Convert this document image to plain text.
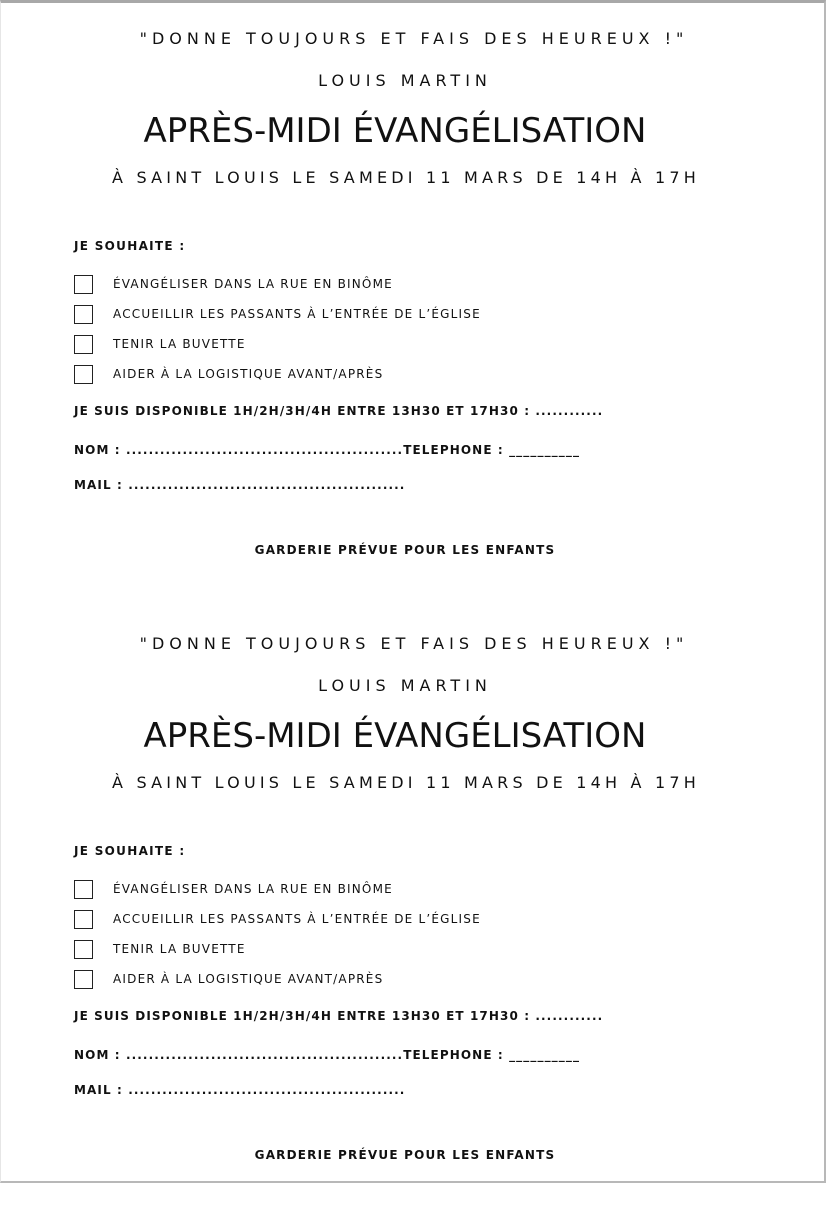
"DONNE TOUJOURS ET FAIS DES HEUREUX !"
LOUIS MARTIN
APRÈS-MIDI ÉVANGÉLISATION
À SAINT LOUIS LE SAMEDI 11 MARS DE 14H À 17H
JE SOUHAITE :
ÉVANGÉLISER DANS LA RUE EN BINÔME
ACCUEILLIR LES PASSANTS À L’ENTRÉE DE L’ÉGLISE
TENIR LA BUVETTE
AIDER À LA LOGISTIQUE AVANT/APRÈS
JE SUIS DISPONIBLE 1H/2H/3H/4H ENTRE 13H30 ET 17H30 : ............
NOM : .................................................TELEPHONE : __________
MAIL : .................................................
GARDERIE PRÉVUE POUR LES ENFANTS
"DONNE TOUJOURS ET FAIS DES HEUREUX !"
LOUIS MARTIN
APRÈS-MIDI ÉVANGÉLISATION
À SAINT LOUIS LE SAMEDI 11 MARS DE 14H À 17H
JE SOUHAITE :
ÉVANGÉLISER DANS LA RUE EN BINÔME
ACCUEILLIR LES PASSANTS À L’ENTRÉE DE L’ÉGLISE
TENIR LA BUVETTE
AIDER À LA LOGISTIQUE AVANT/APRÈS
JE SUIS DISPONIBLE 1H/2H/3H/4H ENTRE 13H30 ET 17H30 : ............
NOM : .................................................TELEPHONE : __________
MAIL : .................................................
GARDERIE PRÉVUE POUR LES ENFANTS
